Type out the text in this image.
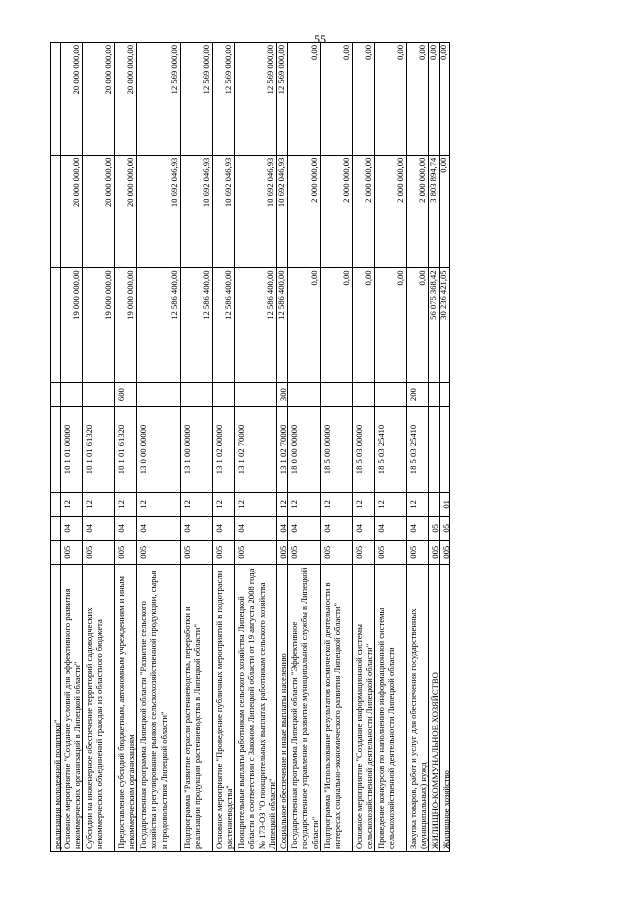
55
реализация молодежной политики" Основное мероприятие "Создание условий для эффективного развития некоммерческих организаций в Липецкой области"
005
04
12
10 1 01 00000
19 000 000,00
20 000 000,00
20 000 000,00
Субсидии на инженерное обеспечение территорий садоводческих некоммерческих объединений граждан из областного бюджета
005
04
12
10 1 01 61320
19 000 000,00
20 000 000,00
20 000 000,00
Предоставление субсидий бюджетным, автономным учреждениям и иным некоммерческим организациям
005
04
12
10 1 01 61320
600
19 000 000,00
20 000 000,00
20 000 000,00
Государственная программа Липецкой области "Развитие сельского хозяйства и регулирование рынков сельскохозяйственной продукции, сырья и продовольствия Липецкой области"
005
04
12
13 0 00 00000
12 586 400,00
10 692 046,93
12 569 000,00
Подпрограмма "Развитие отрасли растениеводства, переработки и реализации продукции растениеводства в Липецкой области"
005
04
12
13 1 00 00000
12 586 400,00
10 692 046,93
12 569 000,00
Основное мероприятие "Проведение публичных мероприятий в подотрасли растениеводства"
005
04
12
13 1 02 00000
12 586 400,00
10 692 046,93
12 569 000,00
Поощрительные выплаты работникам сельского хозяйства Липецкой области в соответствии с Законом Липецкой области от 19 августа 2008 года № 173-ОЗ "О поощрительных выплатах работникам сельского хозяйства Липецкой области"
005
04
12
13 1 02 70000
12 586 400,00
10 692 046,93
12 569 000,00
Социальное обеспечение и иные выплаты населению
005
04
12
13 1 02 70000
300
12 586 400,00
10 692 046,93
12 569 000,00
Государственная программа Липецкой области "Эффективное государственное управление и развитие муниципальной службы в Липецкой области"
005
04
12
18 0 00 00000
0,00
2 000 000,00
0,00
Подпрограмма "Использование результатов космической деятельности в интересах социально-экономического развития Липецкой области"
005
04
12
18 5 00 00000
0,00
2 000 000,00
0,00
Основное мероприятие "Создание информационной системы сельскохозяйственной деятельности Липецкой области"
005
04
12
18 5 03 00000
0,00
2 000 000,00
0,00
Проведение конкурсов по наполнению информационной системы сельскохозяйственной деятельности Липецкой области
005
04
12
18 5 03 25410
0,00
2 000 000,00
0,00
Закупка товаров, работ и услуг для обеспечения государственных (муниципальных) нужд
005
04
12
18 5 03 25410
200
0,00
2 000 000,00
0,00
ЖИЛИЩНО-КОММУНАЛЬНОЕ ХОЗЯЙСТВО
005
05
56 075 368,42
3 803 894,74
0,00
Жилищное хозяйство
005
05
01
30 236 421,05
0,00
0,00
